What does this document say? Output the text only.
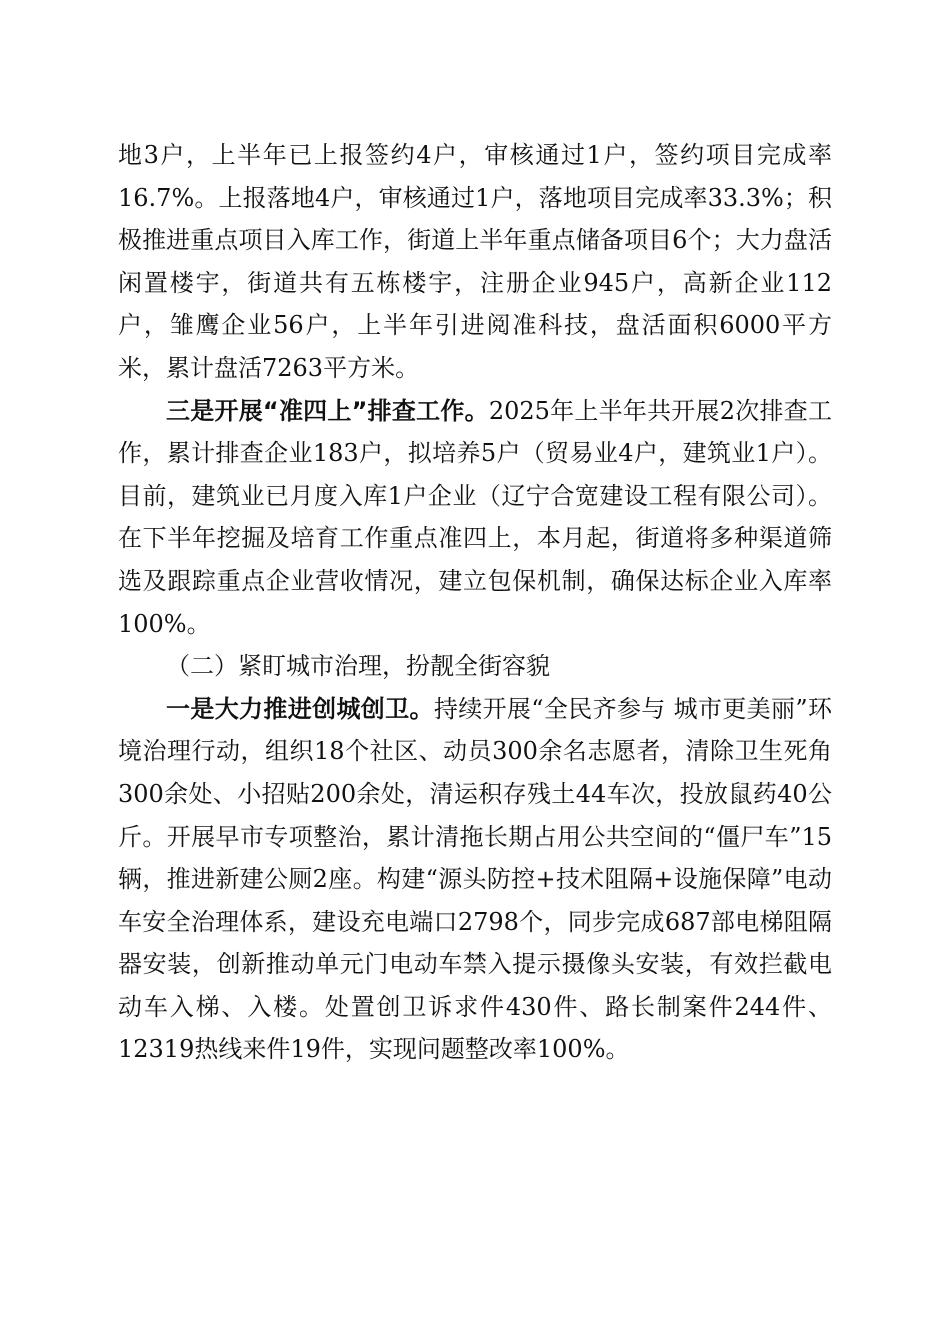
地3户，上半年已上报签约4户，审核通过1户，签约项目完成率16.7%。上报落地4户，审核通过1户，落地项目完成率33.3%；积极推进重点项目入库工作，街道上半年重点储备项目6个；大力盘活闲置楼宇，街道共有五栋楼宇，注册企业945户，高新企业112户，雏鹰企业56户，上半年引进阅准科技，盘活面积6000平方米，累计盘活7263平方米。

三是开展“准四上”排查工作。2025年上半年共开展2次排查工作，累计排查企业183户，拟培养5户（贸易业4户，建筑业1户）。目前，建筑业已月度入库1户企业（辽宁合宽建设工程有限公司）。在下半年挖掘及培育工作重点准四上，本月起，街道将多种渠道筛选及跟踪重点企业营收情况，建立包保机制，确保达标企业入库率100%。

（二）紧盯城市治理，扮靓全街容貌

一是大力推进创城创卫。持续开展“全民齐参与 城市更美丽”环境治理行动，组织18个社区、动员300余名志愿者，清除卫生死角300余处、小招贴200余处，清运积存残土44车次，投放鼠药40公斤。开展早市专项整治，累计清拖长期占用公共空间的“僵尸车”15辆，推进新建公厕2座。构建“源头防控+技术阻隔+设施保障”电动车安全治理体系，建设充电端口2798个，同步完成687部电梯阻隔器安装，创新推动单元门电动车禁入提示摄像头安装，有效拦截电动车入梯、入楼。处置创卫诉求件430件、路长制案件244件、12319热线来件19件，实现问题整改率100%。
